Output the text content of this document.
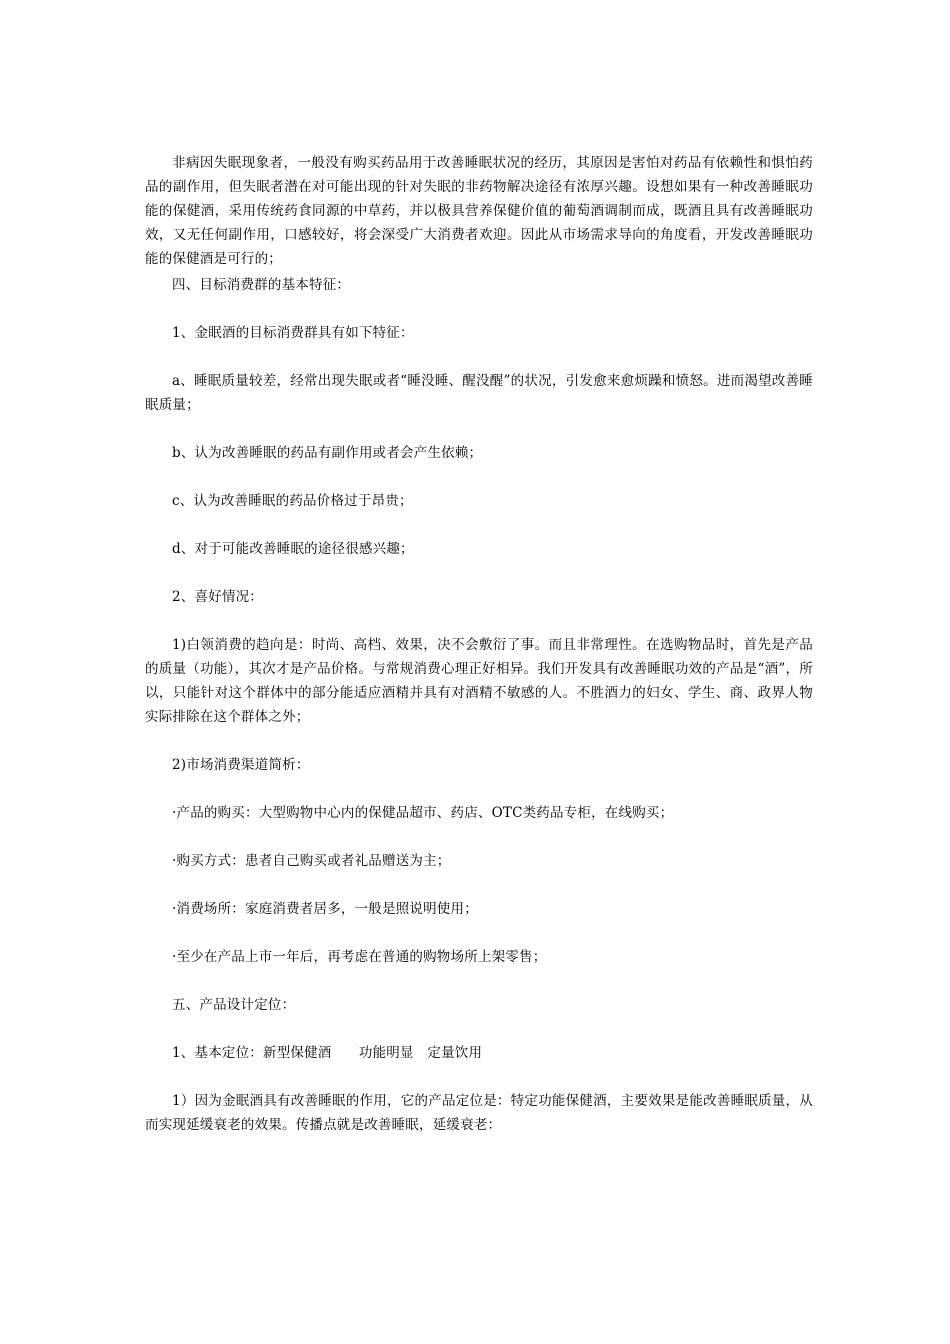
非病因失眠现象者，一般没有购买药品用于改善睡眠状况的经历，其原因是害怕对药品有依赖性和惧怕药品的副作用，但失眠者潜在对可能出现的针对失眠的非药物解决途径有浓厚兴趣。设想如果有一种改善睡眠功能的保健酒，采用传统药食同源的中草药，并以极具营养保健价值的葡萄酒调制而成，既酒且具有改善睡眠功效，又无任何副作用，口感较好，将会深受广大消费者欢迎。因此从市场需求导向的角度看，开发改善睡眠功能的保健酒是可行的；

四、目标消费群的基本特征：

1、金眠酒的目标消费群具有如下特征：

a、睡眠质量较差，经常出现失眠或者“睡没睡、醒没醒”的状况，引发愈来愈烦躁和愤怒。进而渴望改善睡眠质量；

b、认为改善睡眠的药品有副作用或者会产生依赖；

c、认为改善睡眠的药品价格过于昂贵；

d、对于可能改善睡眠的途径很感兴趣；

2、喜好情况：

1)白领消费的趋向是：时尚、高档、效果，决不会敷衍了事。而且非常理性。在选购物品时，首先是产品的质量（功能），其次才是产品价格。与常规消费心理正好相异。我们开发具有改善睡眠功效的产品是“酒”，所以，只能针对这个群体中的部分能适应酒精并具有对酒精不敏感的人。不胜酒力的妇女、学生、商、政界人物实际排除在这个群体之外；

2)市场消费渠道简析：

·产品的购买：大型购物中心内的保健品超市、药店、OTC类药品专柜，在线购买；

·购买方式：患者自己购买或者礼品赠送为主；

·消费场所：家庭消费者居多，一般是照说明使用；

·至少在产品上市一年后，再考虑在普通的购物场所上架零售；

五、产品设计定位：

1、基本定位：新型保健酒　　功能明显　定量饮用

1）因为金眠酒具有改善睡眠的作用，它的产品定位是：特定功能保健酒，主要效果是能改善睡眠质量，从而实现延缓衰老的效果。传播点就是改善睡眠，延缓衰老：
